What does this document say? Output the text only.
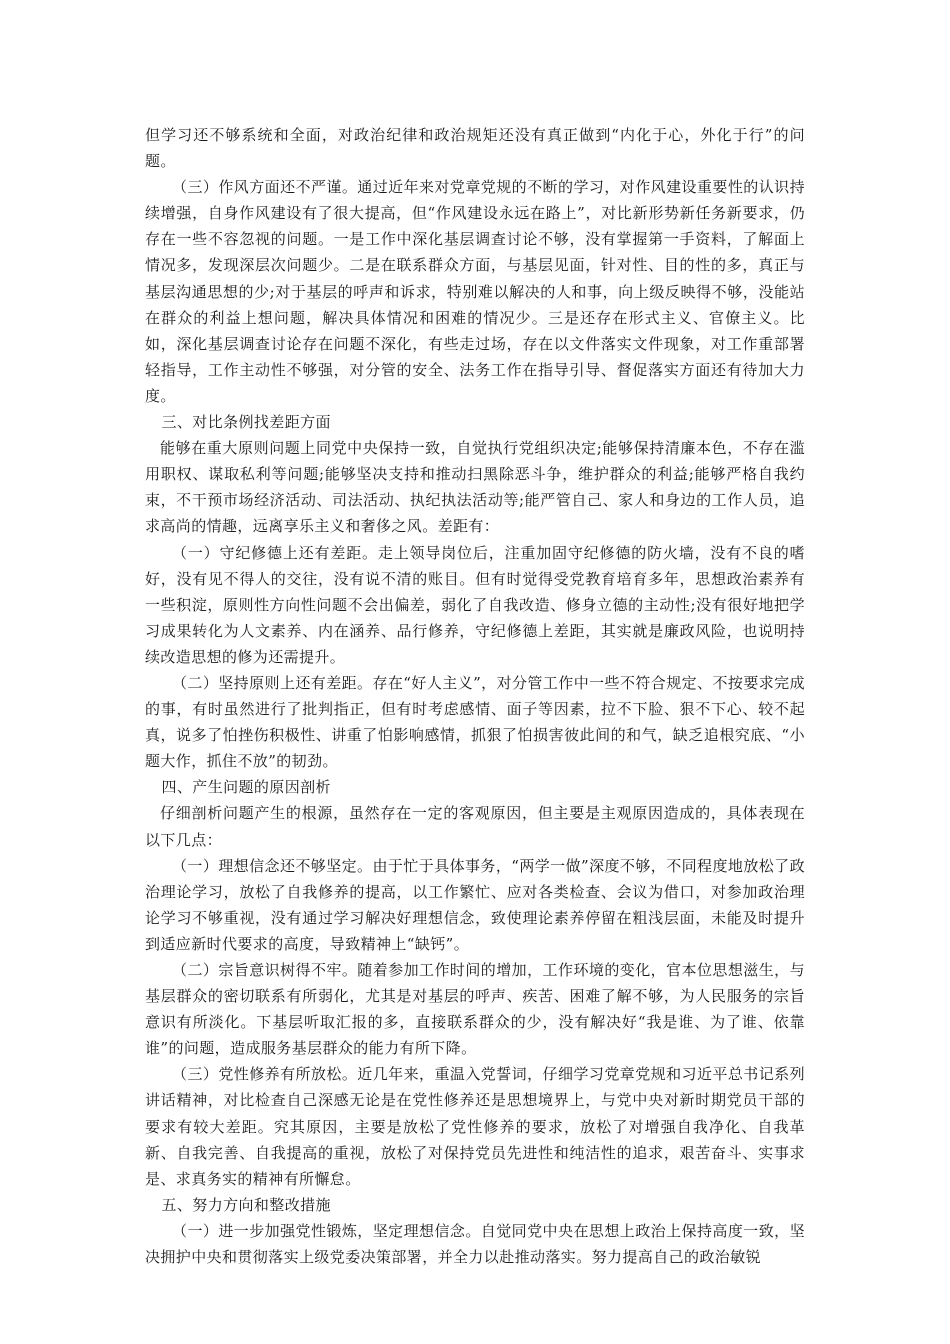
但学习还不够系统和全面，对政治纪律和政治规矩还没有真正做到“内化于心，外化于行”的问题。

（三）作风方面还不严谨。通过近年来对党章党规的不断的学习，对作风建设重要性的认识持续增强，自身作风建设有了很大提高，但“作风建设永远在路上”，对比新形势新任务新要求，仍存在一些不容忽视的问题。一是工作中深化基层调查讨论不够，没有掌握第一手资料，了解面上情况多，发现深层次问题少。二是在联系群众方面，与基层见面，针对性、目的性的多，真正与基层沟通思想的少;对于基层的呼声和诉求，特别难以解决的人和事，向上级反映得不够，没能站在群众的利益上想问题，解决具体情况和困难的情况少。三是还存在形式主义、官僚主义。比如，深化基层调查讨论存在问题不深化，有些走过场，存在以文件落实文件现象，对工作重部署轻指导，工作主动性不够强，对分管的安全、法务工作在指导引导、督促落实方面还有待加大力度。

三、对比条例找差距方面

能够在重大原则问题上同党中央保持一致，自觉执行党组织决定;能够保持清廉本色，不存在滥用职权、谋取私利等问题;能够坚决支持和推动扫黑除恶斗争，维护群众的利益;能够严格自我约束，不干预市场经济活动、司法活动、执纪执法活动等;能严管自己、家人和身边的工作人员，追求高尚的情趣，远离享乐主义和奢侈之风。差距有：

（一）守纪修德上还有差距。走上领导岗位后，注重加固守纪修德的防火墙，没有不良的嗜好，没有见不得人的交往，没有说不清的账目。但有时觉得受党教育培育多年，思想政治素养有一些积淀，原则性方向性问题不会出偏差，弱化了自我改造、修身立德的主动性;没有很好地把学习成果转化为人文素养、内在涵养、品行修养，守纪修德上差距，其实就是廉政风险，也说明持续改造思想的修为还需提升。

（二）坚持原则上还有差距。存在“好人主义”，对分管工作中一些不符合规定、不按要求完成的事，有时虽然进行了批判指正，但有时考虑感情、面子等因素，拉不下脸、狠不下心、较不起真，说多了怕挫伤积极性、讲重了怕影响感情，抓狠了怕损害彼此间的和气，缺乏追根究底、“小题大作，抓住不放”的韧劲。

四、产生问题的原因剖析

仔细剖析问题产生的根源，虽然存在一定的客观原因，但主要是主观原因造成的，具体表现在以下几点：

（一）理想信念还不够坚定。由于忙于具体事务，“两学一做”深度不够，不同程度地放松了政治理论学习，放松了自我修养的提高，以工作繁忙、应对各类检查、会议为借口，对参加政治理论学习不够重视，没有通过学习解决好理想信念，致使理论素养停留在粗浅层面，未能及时提升到适应新时代要求的高度，导致精神上“缺钙”。

（二）宗旨意识树得不牢。随着参加工作时间的增加，工作环境的变化，官本位思想滋生，与基层群众的密切联系有所弱化，尤其是对基层的呼声、疾苦、困难了解不够，为人民服务的宗旨意识有所淡化。下基层听取汇报的多，直接联系群众的少，没有解决好“我是谁、为了谁、依靠谁”的问题，造成服务基层群众的能力有所下降。

（三）党性修养有所放松。近几年来，重温入党誓词，仔细学习党章党规和习近平总书记系列讲话精神，对比检查自己深感无论是在党性修养还是思想境界上，与党中央对新时期党员干部的要求有较大差距。究其原因，主要是放松了党性修养的要求，放松了对增强自我净化、自我革新、自我完善、自我提高的重视，放松了对保持党员先进性和纯洁性的追求，艰苦奋斗、实事求是、求真务实的精神有所懈怠。

五、努力方向和整改措施

（一）进一步加强党性锻炼，坚定理想信念。自觉同党中央在思想上政治上保持高度一致，坚决拥护中央和贯彻落实上级党委决策部署，并全力以赴推动落实。努力提高自己的政治敏锐
